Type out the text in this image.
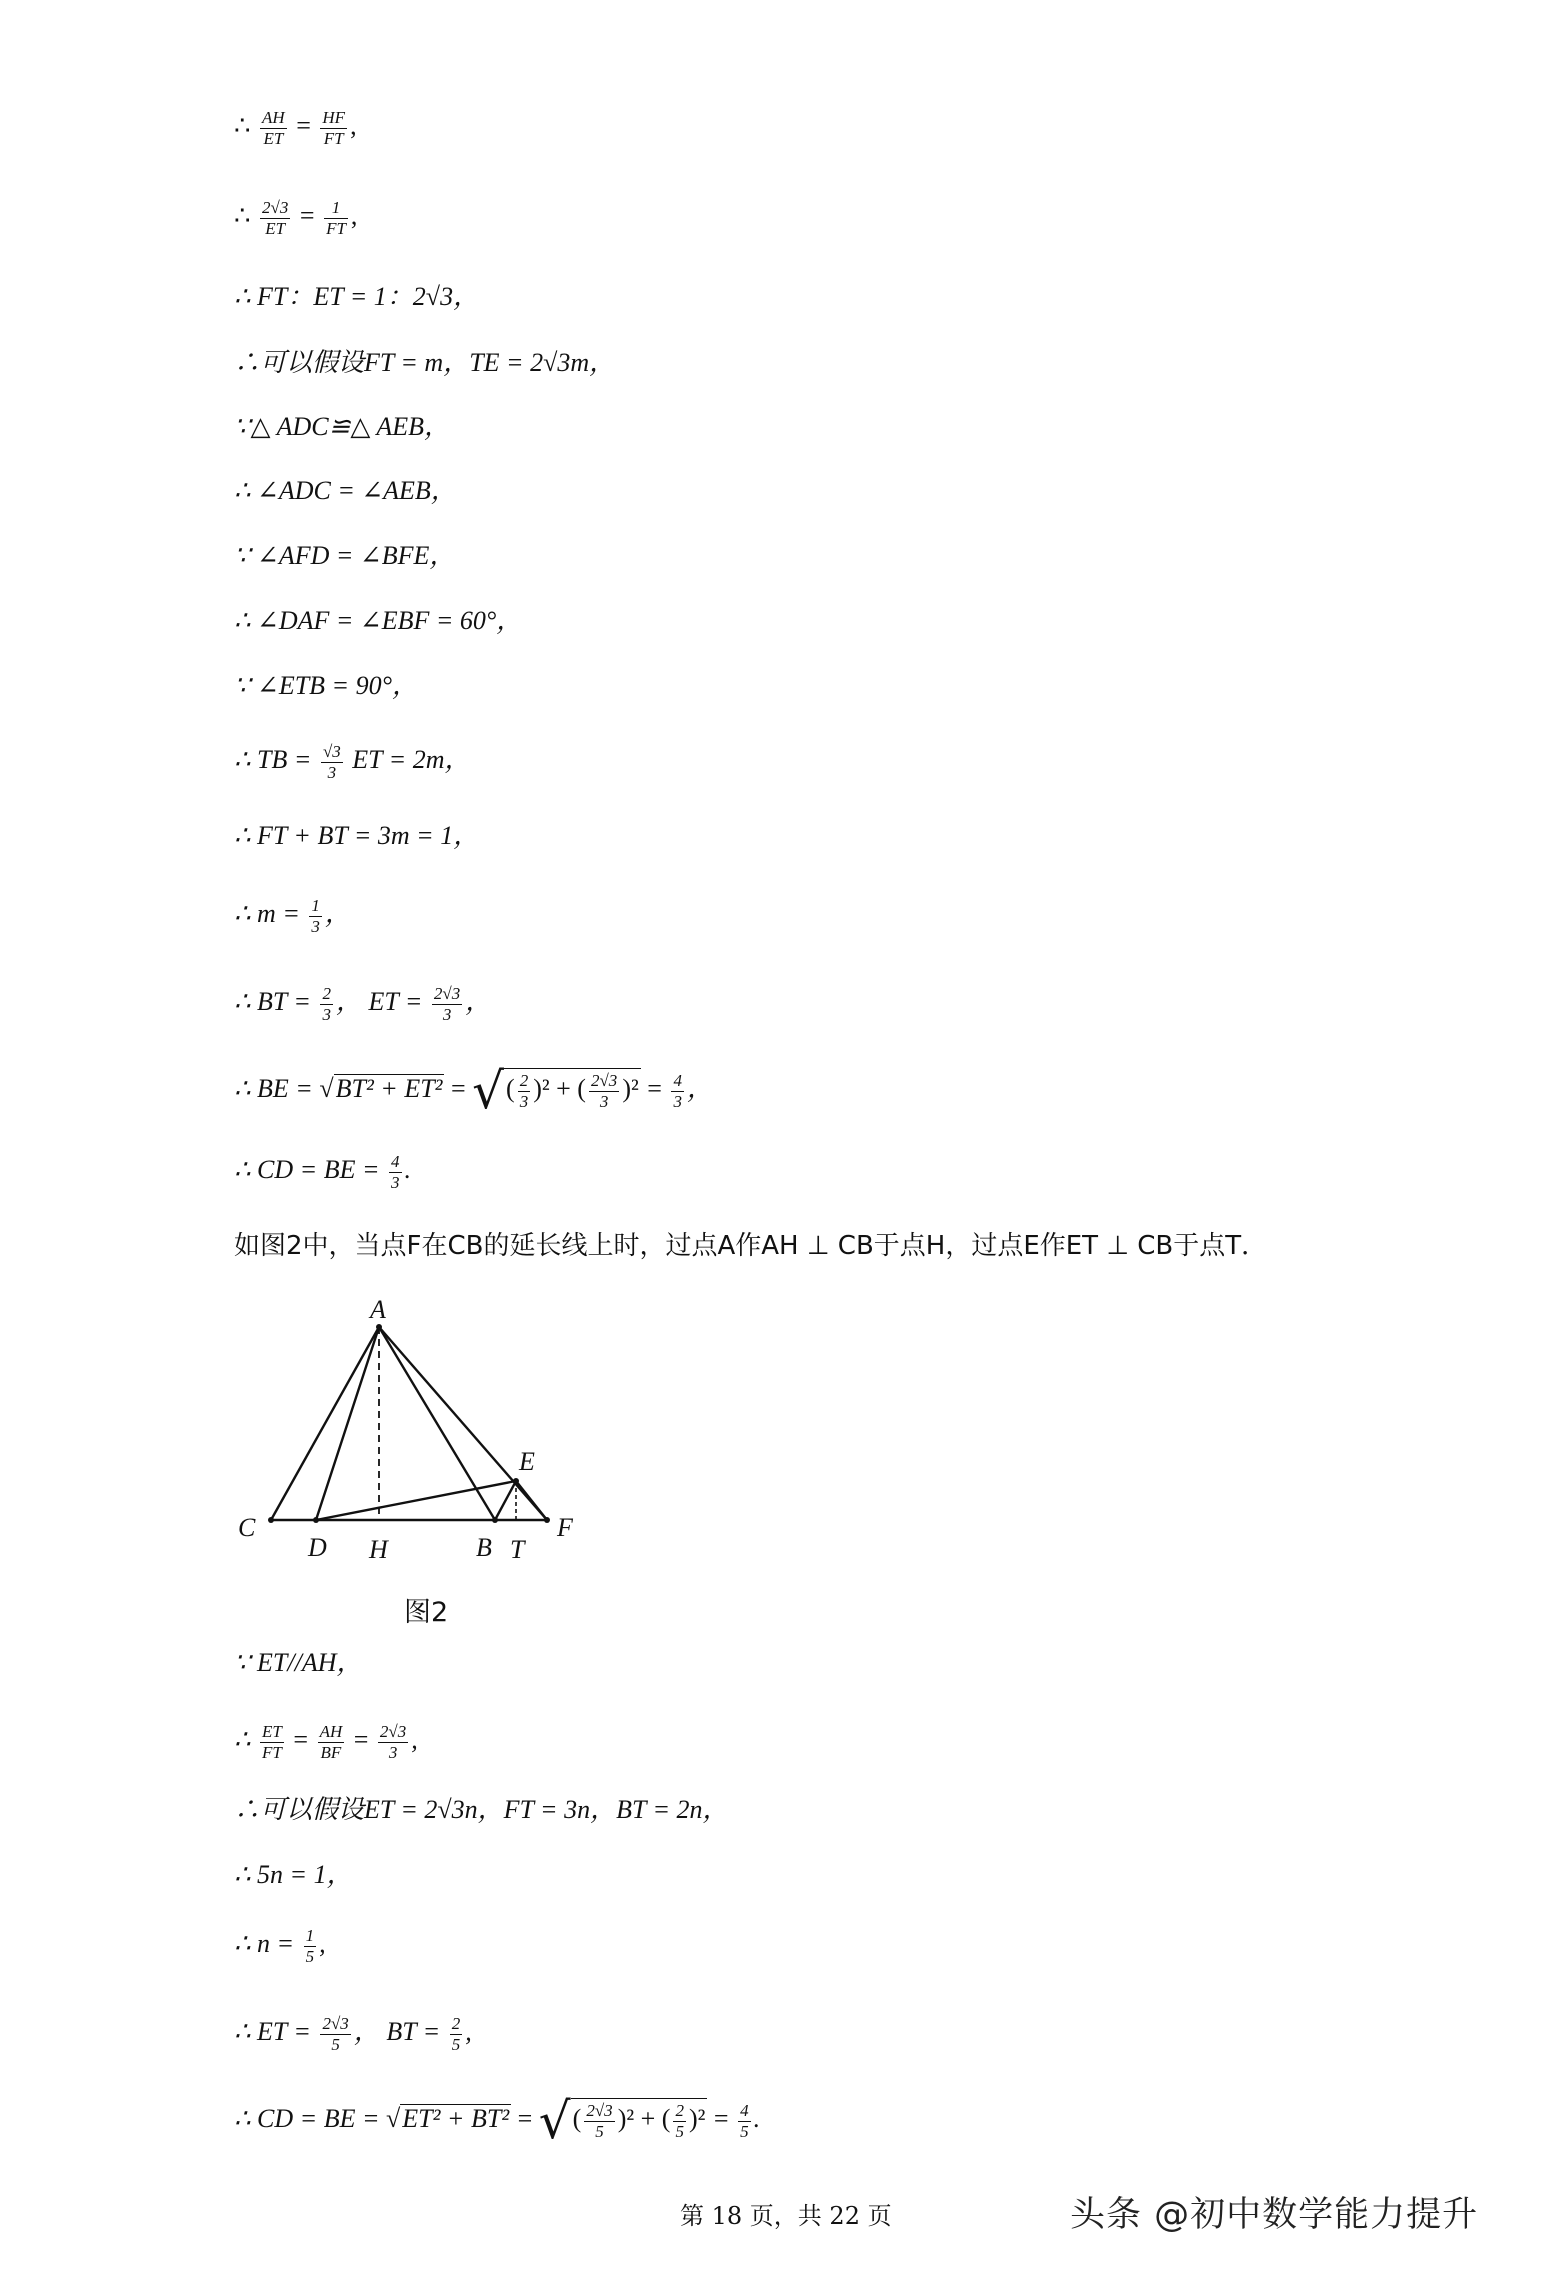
∴ $\frac{AH}{ET} = \frac{HF}{FT}$ ,
∴ $\frac{2√3}{ET} = \frac{1}{FT}$ ,
∴ FT：ET = 1：2√3，
∴可以假设FT = m，TE = 2√3m，
∵△ ADC≌△ AEB，
∴ ∠ADC = ∠AEB，
∵ ∠AFD = ∠BFE，
∴ ∠DAF = ∠EBF = 60°，
∵ ∠ETB = 90°，
∴ TB = $\frac{√3}{3}$ ET = 2m，
∴ FT + BT = 3m = 1，
∴ $m = \frac{1}{3}$ ，
∴ BT = $\frac{2}{3}$ ， ET = $\frac{2√3}{3}$ ，
∴ BE = √BT² + ET² = √( $\frac{2}{3} )^2$ + ( $\frac{2√3}{3} )^2 = \frac{4}{3}$ ，
∴ CD = BE = $\frac{4}{3}$ .
如图2中，当点F在CB的延长线上时，过点A作AH ⊥ CB于点H，过点E作ET ⊥ CB于点T．
A
C
D H	B T
F
E
图2
∵ ET//AH，
∴ $\frac{ET}{FT} = \frac{AH}{BF} = \frac{2√3}{3}$ ,
∴可以假设ET = 2√3n，FT = 3n，BT = 2n，
∴ 5n = 1，
∴ $n = \frac{1}{5}$ ,
∴ ET = $\frac{2√3}{5}$ ， BT = $\frac{2}{5}$ ,
∴ CD = BE = √ET² + BT² = √( $\frac{2√3}{5} )^2$ + ( $\frac{2}{5} )^2 = \frac{4}{5}$ .
第 18 页，共 22 页	头条 @初中数学能力提升
